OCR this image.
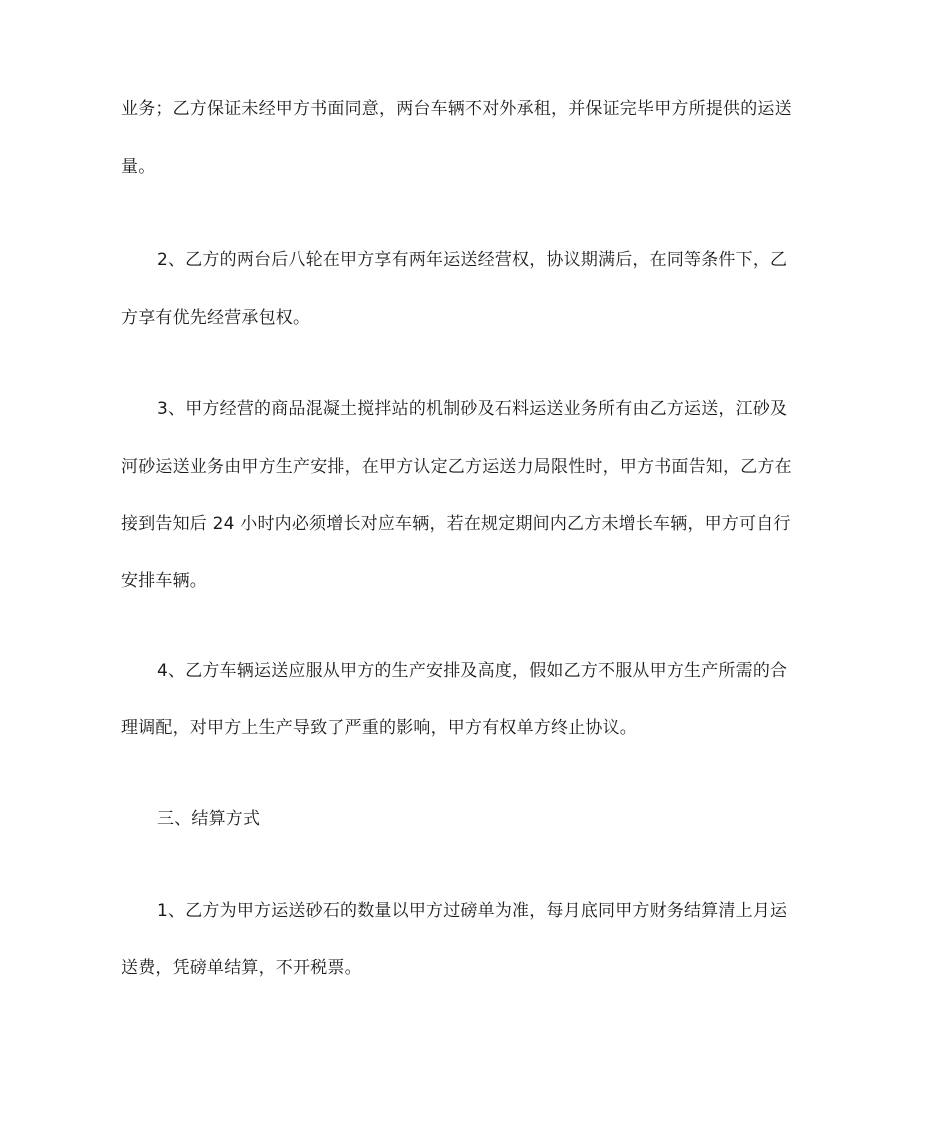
业务；乙方保证未经甲方书面同意，两台车辆不对外承租，并保证完毕甲方所提供的运送
量。
2、乙方的两台后八轮在甲方享有两年运送经营权，协议期满后，在同等条件下，乙
方享有优先经营承包权。
3、甲方经营的商品混凝土搅拌站的机制砂及石料运送业务所有由乙方运送，江砂及
河砂运送业务由甲方生产安排，在甲方认定乙方运送力局限性时，甲方书面告知，乙方在
接到告知后 24 小时内必须增长对应车辆，若在规定期间内乙方未增长车辆，甲方可自行
安排车辆。
4、乙方车辆运送应服从甲方的生产安排及高度，假如乙方不服从甲方生产所需的合
理调配，对甲方上生产导致了严重的影响，甲方有权单方终止协议。
三、结算方式
1、乙方为甲方运送砂石的数量以甲方过磅单为准，每月底同甲方财务结算清上月运
送费，凭磅单结算，不开税票。
